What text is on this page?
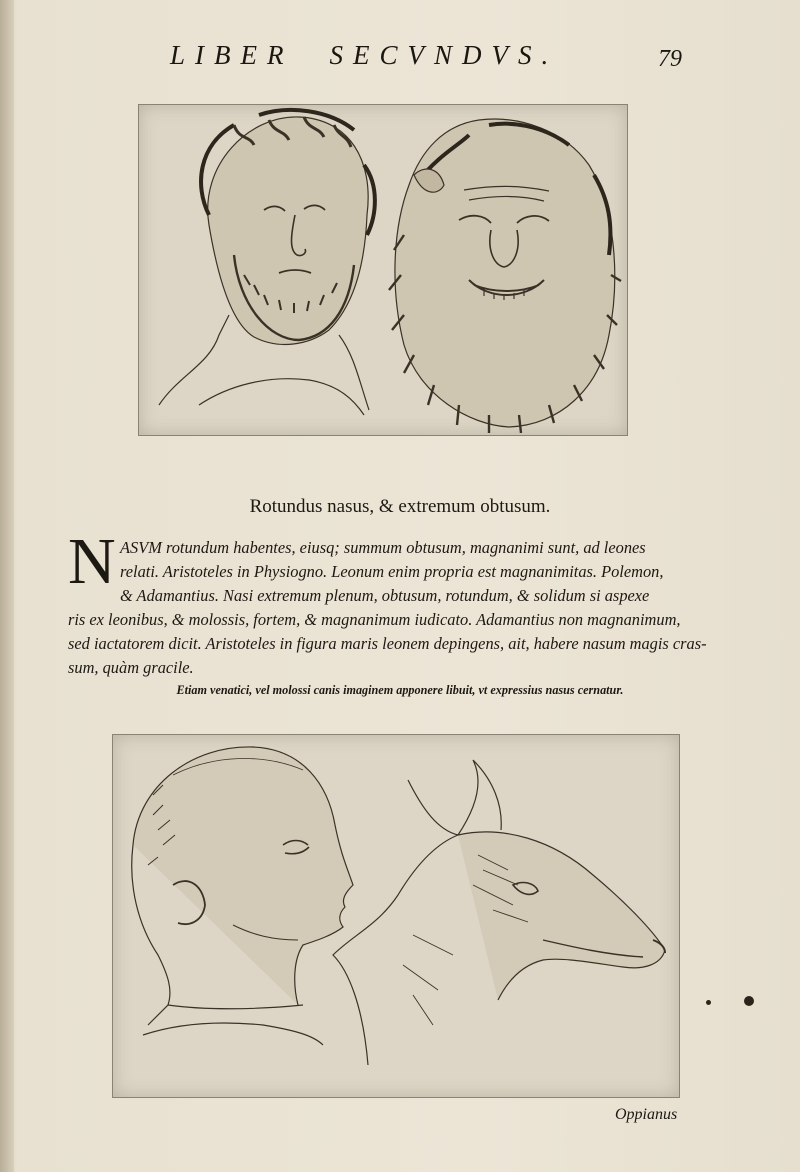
LIBER SECVNDVS.	79
Rotundus nasus, & extremum obtusum.
N ASVM rotundum habentes, eiusq; summum obtusum, magnanimi sunt, ad leones
relati. Aristoteles in Physiogno. Leonum enim propria est magnanimitas. Polemon,
& Adamantius. Nasi extremum plenum, obtusum, rotundum, & solidum si aspexe
ris ex leonibus, & molossis, fortem, & magnanimum iudicato. Adamantius non magnanimum,
sed iactatorem dicit. Aristoteles in figura maris leonem depingens, ait, habere nasum magis cras-
sum, quàm gracile.
Etiam venatici, vel molossi canis imaginem apponere libuit, vt expressius nasus cernatur.
Oppianus
